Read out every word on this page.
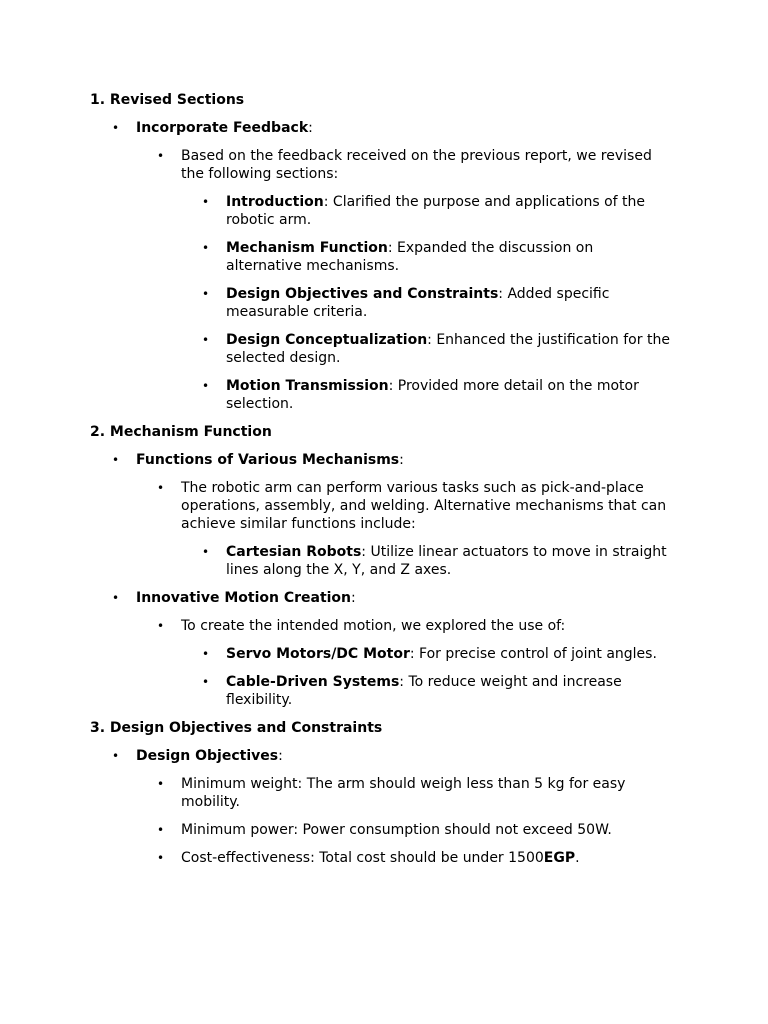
1. Revised Sections
• Incorporate Feedback:
• Based on the feedback received on the previous report, we revised the following sections:
• Introduction: Clarified the purpose and applications of the robotic arm.
• Mechanism Function: Expanded the discussion on alternative mechanisms.
• Design Objectives and Constraints: Added specific measurable criteria.
• Design Conceptualization: Enhanced the justification for the selected design.
• Motion Transmission: Provided more detail on the motor selection.
2. Mechanism Function
• Functions of Various Mechanisms:
• The robotic arm can perform various tasks such as pick-and-place operations, assembly, and welding. Alternative mechanisms that can achieve similar functions include:
• Cartesian Robots: Utilize linear actuators to move in straight lines along the X, Y, and Z axes.
• Innovative Motion Creation:
• To create the intended motion, we explored the use of:
• Servo Motors/DC Motor: For precise control of joint angles.
• Cable-Driven Systems: To reduce weight and increase flexibility.
3. Design Objectives and Constraints
• Design Objectives:
• Minimum weight: The arm should weigh less than 5 kg for easy mobility.
• Minimum power: Power consumption should not exceed 50W.
• Cost-effectiveness: Total cost should be under 1500EGP.
